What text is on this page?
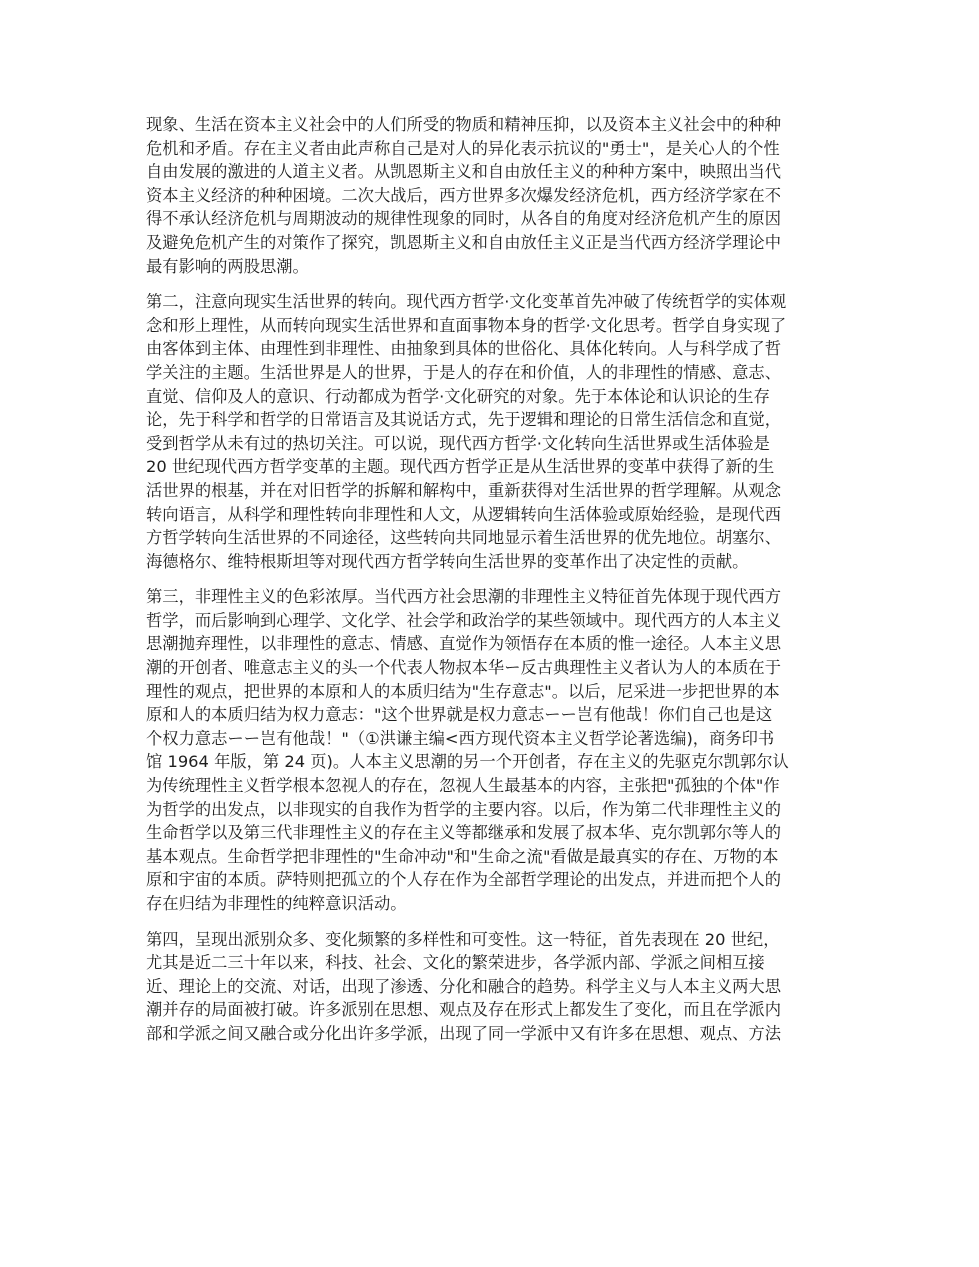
现象、生活在资本主义社会中的人们所受的物质和精神压抑，以及资本主义社会中的种种
危机和矛盾。存在主义者由此声称自己是对人的异化表示抗议的"勇士"，是关心人的个性
自由发展的激进的人道主义者。从凯恩斯主义和自由放任主义的种种方案中，映照出当代
资本主义经济的种种困境。二次大战后，西方世界多次爆发经济危机，西方经济学家在不
得不承认经济危机与周期波动的规律性现象的同时，从各自的角度对经济危机产生的原因
及避免危机产生的对策作了探究，凯恩斯主义和自由放任主义正是当代西方经济学理论中
最有影响的两股思潮。
第二，注意向现实生活世界的转向。现代西方哲学·文化变革首先冲破了传统哲学的实体观
念和形上理性，从而转向现实生活世界和直面事物本身的哲学·文化思考。哲学自身实现了
由客体到主体、由理性到非理性、由抽象到具体的世俗化、具体化转向。人与科学成了哲
学关注的主题。生活世界是人的世界，于是人的存在和价值，人的非理性的情感、意志、
直觉、信仰及人的意识、行动都成为哲学·文化研究的对象。先于本体论和认识论的生存
论，先于科学和哲学的日常语言及其说话方式，先于逻辑和理论的日常生活信念和直觉，
受到哲学从未有过的热切关注。可以说，现代西方哲学·文化转向生活世界或生活体验是
20 世纪现代西方哲学变革的主题。现代西方哲学正是从生活世界的变革中获得了新的生
活世界的根基，并在对旧哲学的拆解和解构中，重新获得对生活世界的哲学理解。从观念
转向语言，从科学和理性转向非理性和人文，从逻辑转向生活体验或原始经验，是现代西
方哲学转向生活世界的不同途径，这些转向共同地显示着生活世界的优先地位。胡塞尔、
海德格尔、维特根斯坦等对现代西方哲学转向生活世界的变革作出了决定性的贡献。
第三，非理性主义的色彩浓厚。当代西方社会思潮的非理性主义特征首先体现于现代西方
哲学，而后影响到心理学、文化学、社会学和政治学的某些领域中。现代西方的人本主义
思潮抛弃理性，以非理性的意志、情感、直觉作为领悟存在本质的惟一途径。人本主义思
潮的开创者、唯意志主义的头一个代表人物叔本华ー反古典理性主义者认为人的本质在于
理性的观点，把世界的本原和人的本质归结为"生存意志"。以后，尼采进一步把世界的本
原和人的本质归结为权力意志："这个世界就是权力意志ーー岂有他哉！你们自己也是这
个权力意志ーー岂有他哉！"（①洪谦主编<西方现代资本主义哲学论著选编)，商务印书
馆 1964 年版，第 24 页)。人本主义思潮的另一个开创者，存在主义的先驱克尔凯郭尔认
为传统理性主义哲学根本忽视人的存在，忽视人生最基本的内容，主张把"孤独的个体"作
为哲学的出发点，以非现实的自我作为哲学的主要内容。以后，作为第二代非理性主义的
生命哲学以及第三代非理性主义的存在主义等都继承和发展了叔本华、克尔凯郭尔等人的
基本观点。生命哲学把非理性的"生命冲动"和"生命之流"看做是最真实的存在、万物的本
原和宇宙的本质。萨特则把孤立的个人存在作为全部哲学理论的出发点，并进而把个人的
存在归结为非理性的纯粹意识活动。
第四，呈现出派别众多、变化频繁的多样性和可变性。这一特征，首先表现在 20 世纪，
尤其是近二三十年以来，科技、社会、文化的繁荣进步，各学派内部、学派之间相互接
近、理论上的交流、对话，出现了渗透、分化和融合的趋势。科学主义与人本主义两大思
潮并存的局面被打破。许多派别在思想、观点及存在形式上都发生了变化，而且在学派内
部和学派之间又融合或分化出许多学派，出现了同一学派中又有许多在思想、观点、方法
